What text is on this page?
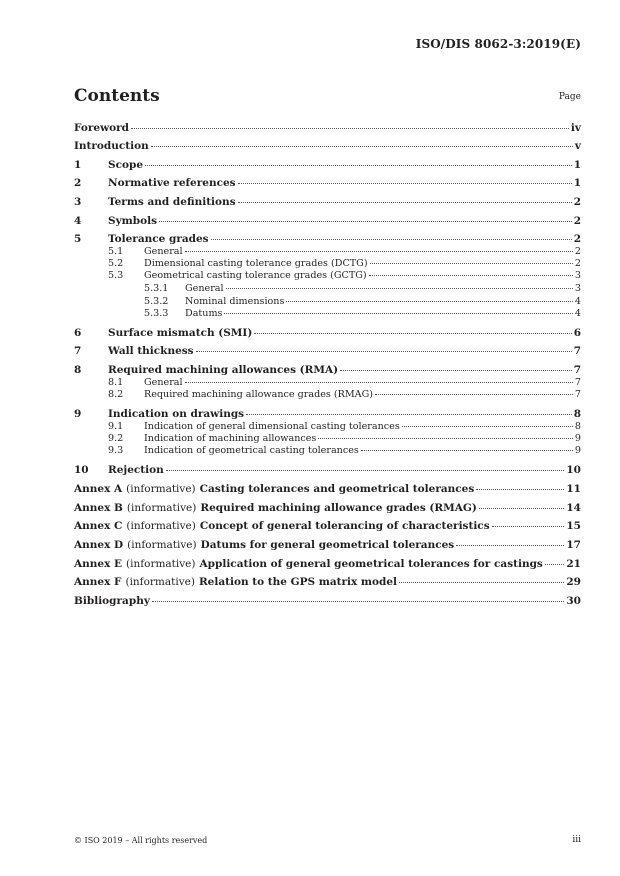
ISO/DIS 8062-3:2019(E)
Contents	Page
Foreword	iv
Introduction	v
1	Scope	1
2	Normative references	1
3	Terms and definitions	2
4	Symbols	2
5	Tolerance grades	2
5.1	General	2
5.2	Dimensional casting tolerance grades (DCTG)	2
5.3	Geometrical casting tolerance grades (GCTG)	3
5.3.1	General	3
5.3.2	Nominal dimensions	4
5.3.3	Datums	4
6	Surface mismatch (SMI)	6
7	Wall thickness	7
8	Required machining allowances (RMA)	7
8.1	General	7
8.2	Required machining allowance grades (RMAG)	7
9	Indication on drawings	8
9.1	Indication of general dimensional casting tolerances	8
9.2	Indication of machining allowances	9
9.3	Indication of geometrical casting tolerances	9
10	Rejection	10
Annex A (informative) Casting tolerances and geometrical tolerances	11
Annex B (informative) Required machining allowance grades (RMAG)	14
Annex C (informative) Concept of general tolerancing of characteristics	15
Annex D (informative) Datums for general geometrical tolerances	17
Annex E (informative) Application of general geometrical tolerances for castings 21
Annex F (informative) Relation to the GPS matrix model	29
Bibliography	30
© ISO 2019 – All rights reserved	iii
